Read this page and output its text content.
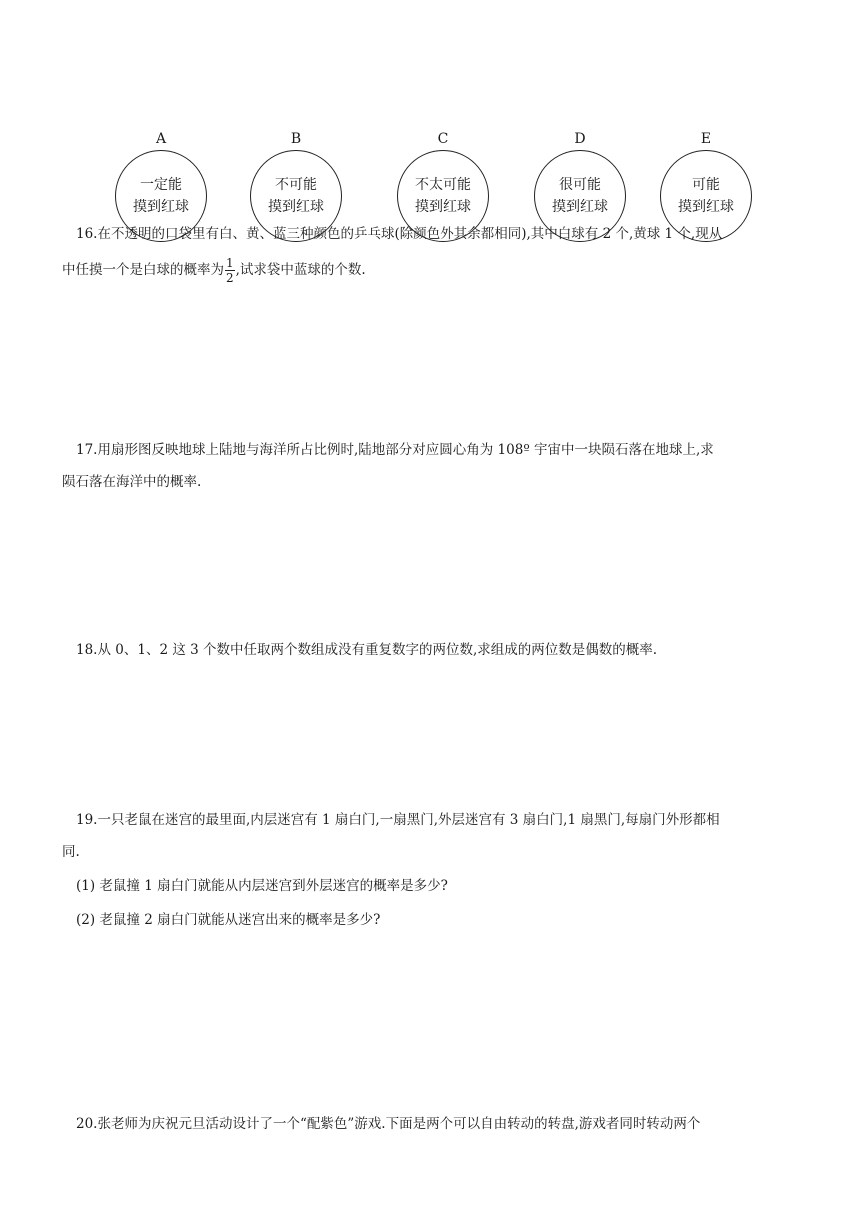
A
一定能
摸到红球
B
不可能
摸到红球
C
不太可能
摸到红球
D
很可能
摸到红球
E
可能
摸到红球
16.在不透明的口袋里有白、黄、蓝三种颜色的乒乓球(除颜色外其余都相同),其中白球有 2 个,黄球 1 个,现从
中任摸一个是白球的概率为 $\frac{1}{2}$ ,试求袋中蓝球的个数.
17.用扇形图反映地球上陆地与海洋所占比例时,陆地部分对应圆心角为 108º 宇宙中一块陨石落在地球上,求
陨石落在海洋中的概率.
18.从 0、1、2 这 3 个数中任取两个数组成没有重复数字的两位数,求组成的两位数是偶数的概率.
19.一只老鼠在迷宫的最里面,内层迷宫有 1 扇白门,一扇黑门,外层迷宫有 3 扇白门,1 扇黑门,每扇门外形都相
同.
(1) 老鼠撞 1 扇白门就能从内层迷宫到外层迷宫的概率是多少?
(2) 老鼠撞 2 扇白门就能从迷宫出来的概率是多少?
20.张老师为庆祝元旦活动设计了一个“配紫色”游戏.下面是两个可以自由转动的转盘,游戏者同时转动两个
